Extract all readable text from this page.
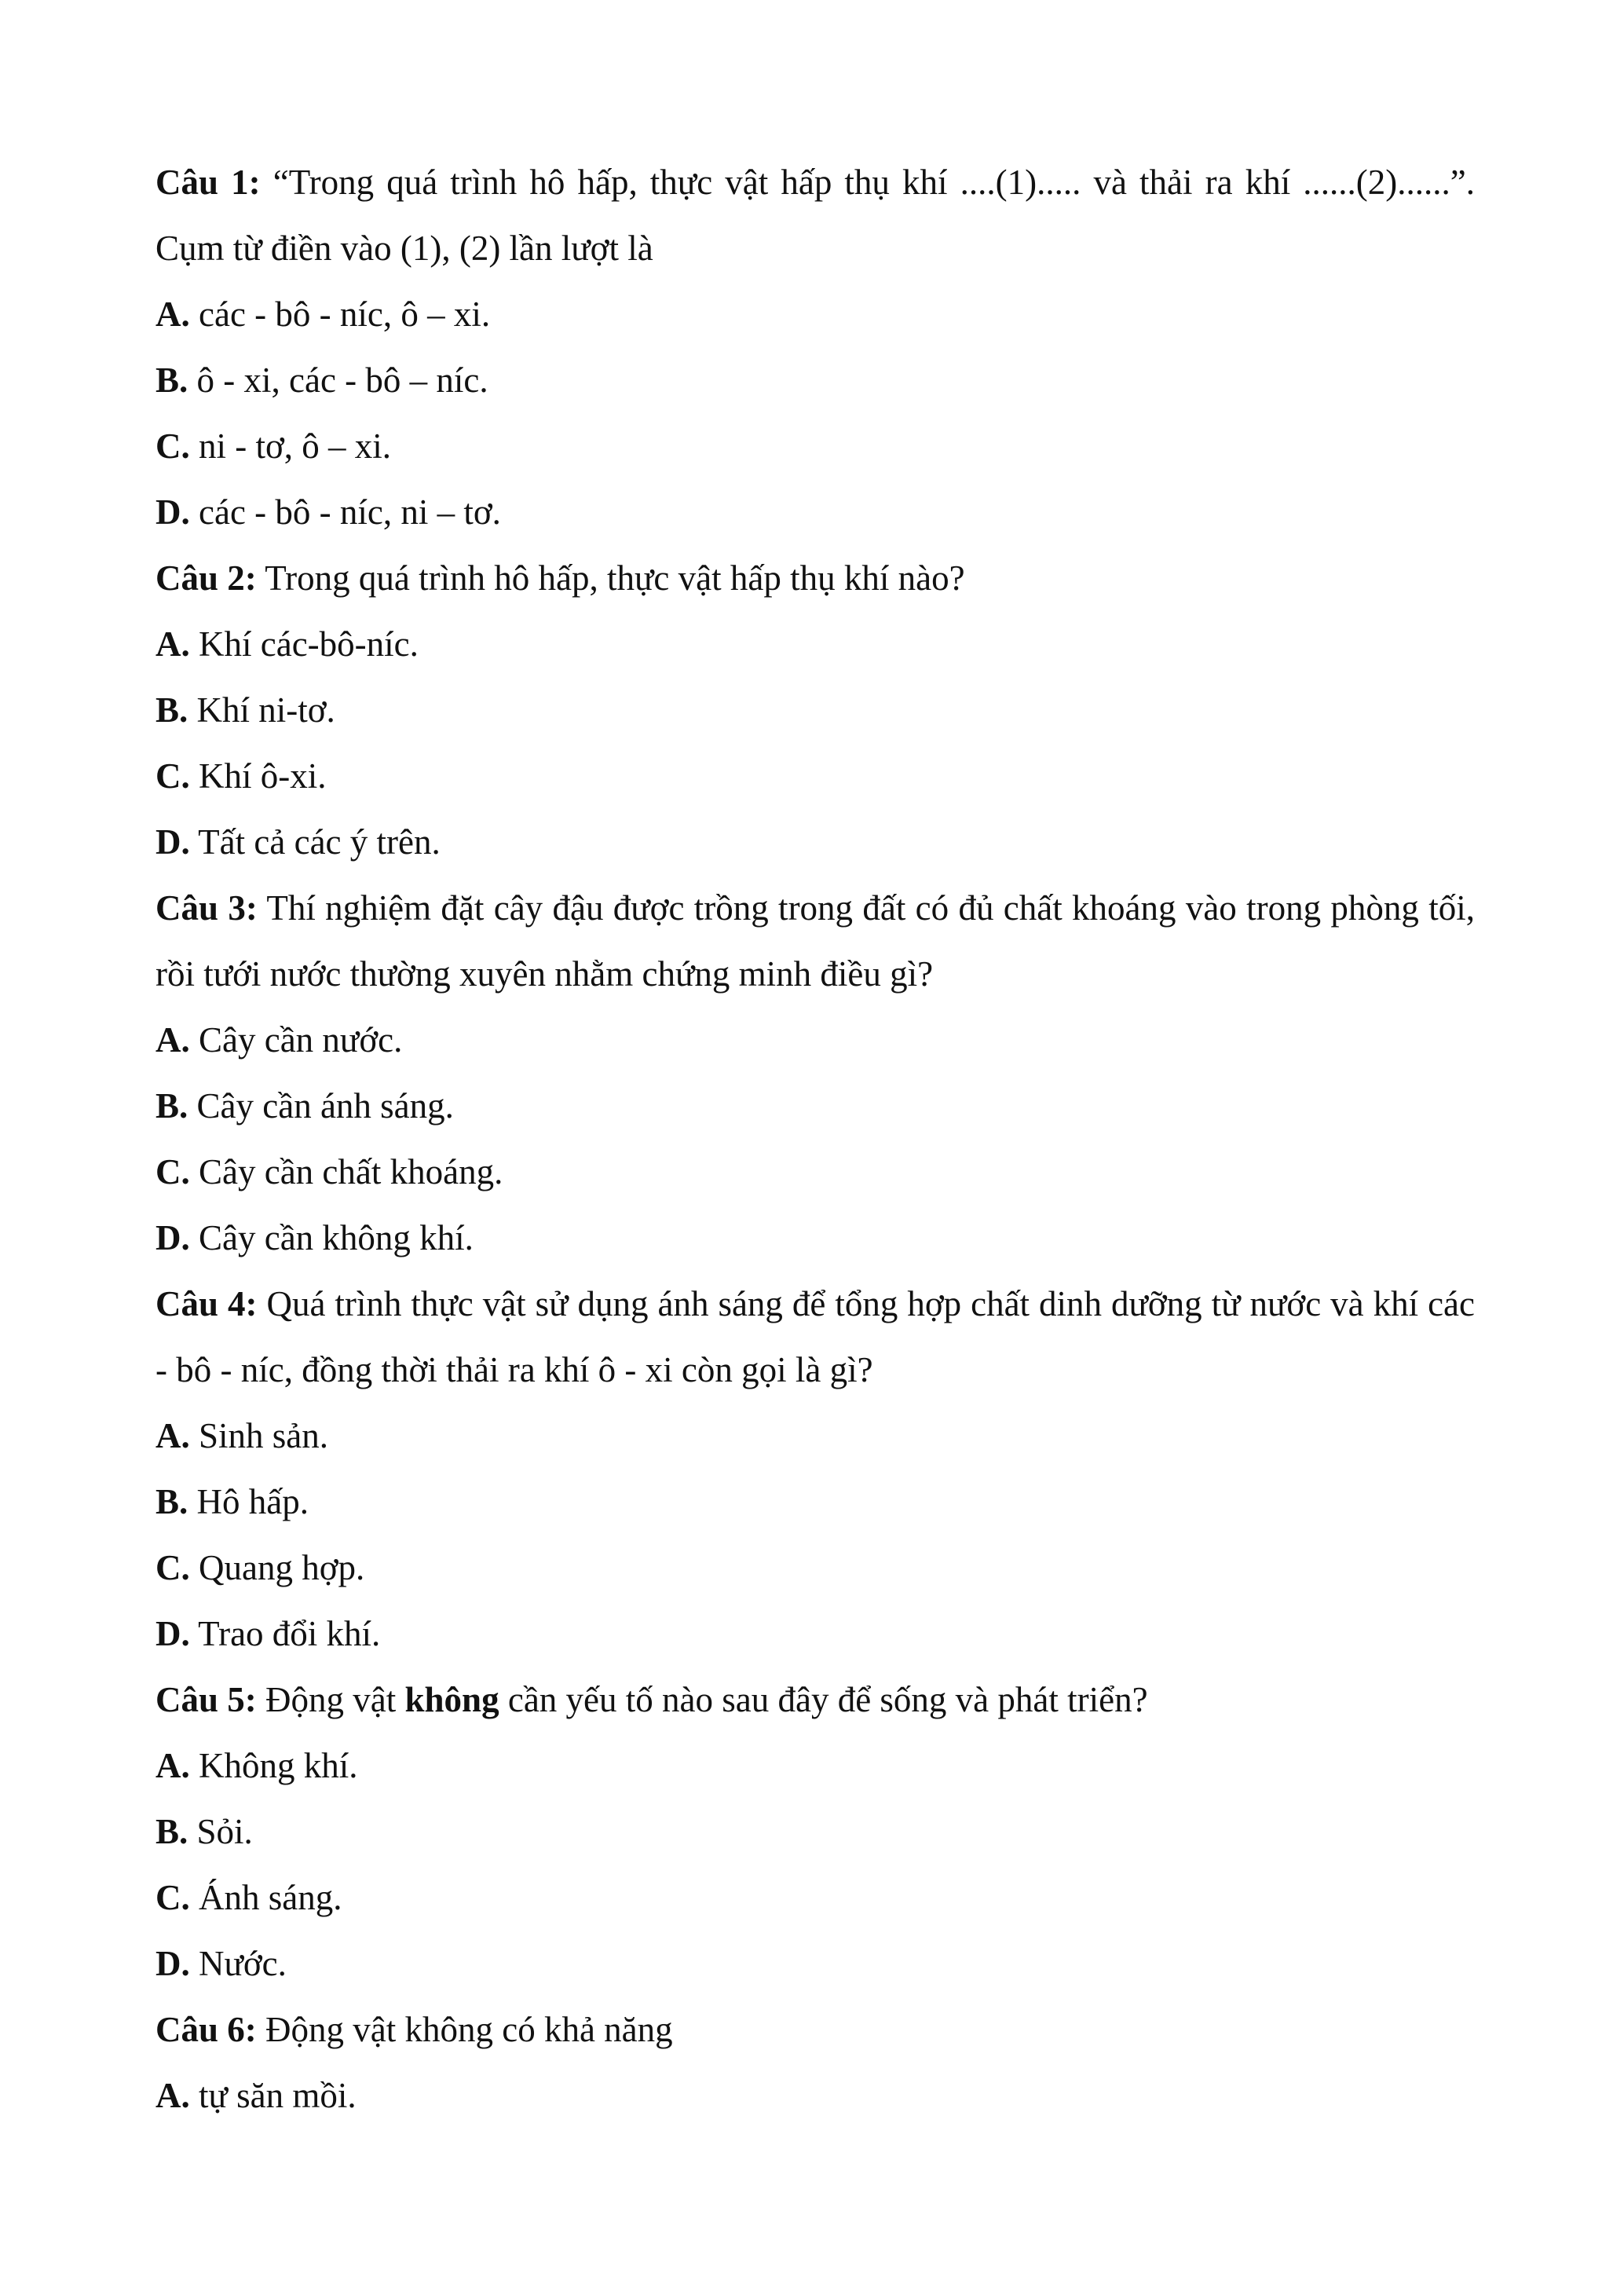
Câu 1: “Trong quá trình hô hấp, thực vật hấp thụ khí ....(1)..... và thải ra khí ......(2)......”. Cụm từ điền vào (1), (2) lần lượt là
A. các - bô - níc, ô – xi.
B. ô - xi, các - bô – níc.
C. ni - tơ, ô – xi.
D. các - bô - níc, ni – tơ.
Câu 2: Trong quá trình hô hấp, thực vật hấp thụ khí nào?
A. Khí các-bô-níc.
B. Khí ni-tơ.
C. Khí ô-xi.
D. Tất cả các ý trên.
Câu 3: Thí nghiệm đặt cây đậu được trồng trong đất có đủ chất khoáng vào trong phòng tối, rồi tưới nước thường xuyên nhằm chứng minh điều gì?
A. Cây cần nước.
B. Cây cần ánh sáng.
C. Cây cần chất khoáng.
D. Cây cần không khí.
Câu 4: Quá trình thực vật sử dụng ánh sáng để tổng hợp chất dinh dưỡng từ nước và khí các - bô - níc, đồng thời thải ra khí ô - xi còn gọi là gì?
A. Sinh sản.
B. Hô hấp.
C. Quang hợp.
D. Trao đổi khí.
Câu 5: Động vật không cần yếu tố nào sau đây để sống và phát triển?
A. Không khí.
B. Sỏi.
C. Ánh sáng.
D. Nước.
Câu 6: Động vật không có khả năng
A. tự săn mồi.
